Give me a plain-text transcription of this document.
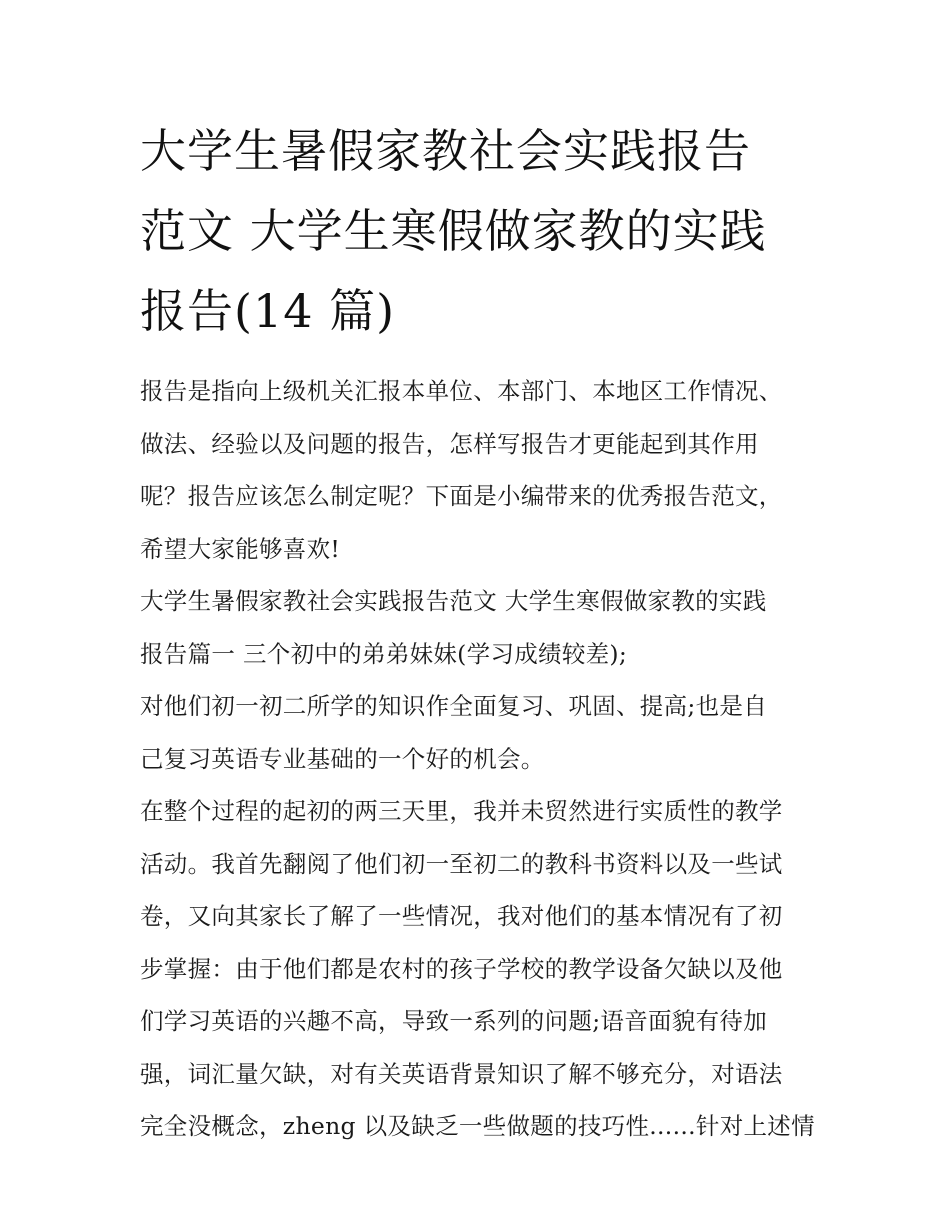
大学生暑假家教社会实践报告
范文 大学生寒假做家教的实践
报告(14 篇)

报告是指向上级机关汇报本单位、本部门、本地区工作情况、
做法、经验以及问题的报告，怎样写报告才更能起到其作用
呢？报告应该怎么制定呢？下面是小编带来的优秀报告范文，
希望大家能够喜欢!

大学生暑假家教社会实践报告范文 大学生寒假做家教的实践
报告篇一 三个初中的弟弟妹妹(学习成绩较差);

对他们初一初二所学的知识作全面复习、巩固、提高;也是自
己复习英语专业基础的一个好的机会。

在整个过程的起初的两三天里，我并未贸然进行实质性的教学
活动。我首先翻阅了他们初一至初二的教科书资料以及一些试
卷，又向其家长了解了一些情况，我对他们的基本情况有了初
步掌握：由于他们都是农村的孩子学校的教学设备欠缺以及他
们学习英语的兴趣不高，导致一系列的问题;语音面貌有待加
强，词汇量欠缺，对有关英语背景知识了解不够充分，对语法
完全没概念，zheng 以及缺乏一些做题的技巧性......针对上述情
